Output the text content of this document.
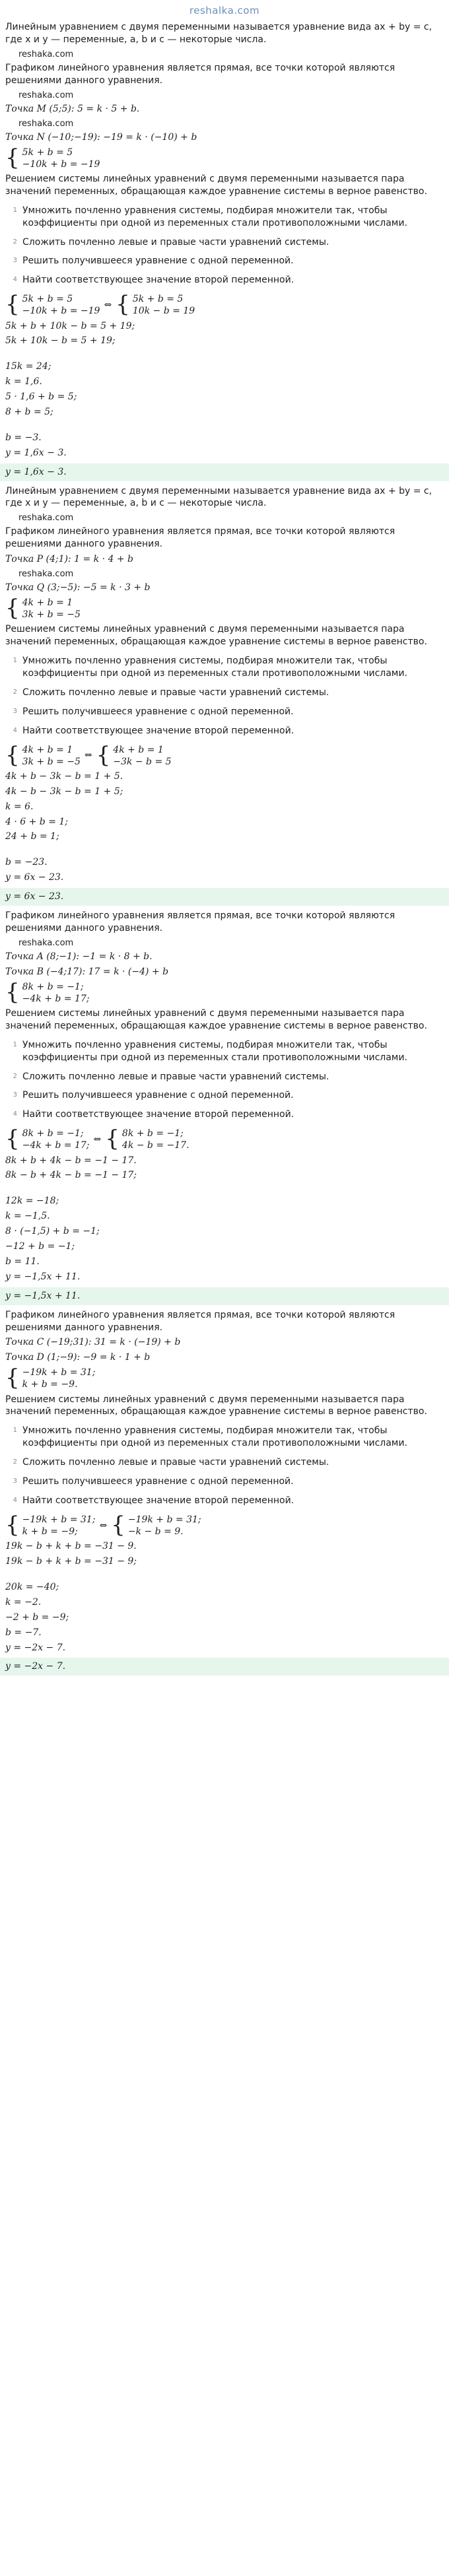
reshalka.com
Линейным уравнением с двумя переменными называется уравнение вида ax + by = c, где x и y — переменные, a, b и c — некоторые числа.
reshaka.com
Графиком линейного уравнения является прямая, все точки которой являются решениями данного уравнения.
reshaka.com
Точка M (5;5): 5 = k · 5 + b.
reshaka.com
Точка N (−10;−19): −19 = k · (−10) + b
{ 5k + b = 5
−10k + b = −19
Решением системы линейных уравнений с двумя переменными называется пара значений переменных, обращающая каждое уравнение системы в верное равенство.
1 Умножить почленно уравнения системы, подбирая множители так, чтобы коэффициенты при одной из переменных стали противоположными числами.
2 Сложить почленно левые и правые части уравнений системы.
3 Решить получившееся уравнение с одной переменной.
4 Найти соответствующее значение второй переменной.
{ 5k + b = 5
−10k + b = −19
⇔ { 5k + b = 5
10k − b = 19
5k + b + 10k − b = 5 + 19;
5k + 10k − b = 5 + 19;
15k = 24;
k = 1,6.
5 · 1,6 + b = 5;
8 + b = 5;
b = −3.
y = 1,6x − 3.
y = 1,6x − 3.
Линейным уравнением с двумя переменными называется уравнение вида ax + by = c, где x и y — переменные, a, b и c — некоторые числа.
reshaka.com
Графиком линейного уравнения является прямая, все точки которой являются решениями данного уравнения.
Точка P (4;1): 1 = k · 4 + b
reshaka.com
Точка Q (3;−5): −5 = k · 3 + b
{ 4k + b = 1
3k + b = −5
Решением системы линейных уравнений с двумя переменными называется пара значений переменных, обращающая каждое уравнение системы в верное равенство.
1 Умножить почленно уравнения системы, подбирая множители так, чтобы коэффициенты при одной из переменных стали противоположными числами.
2 Сложить почленно левые и правые части уравнений системы.
3 Решить получившееся уравнение с одной переменной.
4 Найти соответствующее значение второй переменной.
{ 4k + b = 1
3k + b = −5
⇔ { 4k + b = 1
−3k − b = 5
4k + b − 3k − b = 1 + 5.
4k − b − 3k − b = 1 + 5;
k = 6.
4 · 6 + b = 1;
24 + b = 1;
b = −23.
y = 6x − 23.
y = 6x − 23.
Графиком линейного уравнения является прямая, все точки которой являются решениями данного уравнения.
reshaka.com
Точка A (8;−1): −1 = k · 8 + b.
Точка B (−4;17): 17 = k · (−4) + b
{ 8k + b = −1;
−4k + b = 17;
Решением системы линейных уравнений с двумя переменными называется пара значений переменных, обращающая каждое уравнение системы в верное равенство.
1 Умножить почленно уравнения системы, подбирая множители так, чтобы коэффициенты при одной из переменных стали противоположными числами.
2 Сложить почленно левые и правые части уравнений системы.
3 Решить получившееся уравнение с одной переменной.
4 Найти соответствующее значение второй переменной.
{ 8k + b = −1;
−4k + b = 17;
⇔ { 8k + b = −1;
4k − b = −17.
8k + b + 4k − b = −1 − 17.
8k − b + 4k − b = −1 − 17;
12k = −18;
k = −1,5.
8 · (−1,5) + b = −1;
−12 + b = −1;
b = 11.
y = −1,5x + 11.
y = −1,5x + 11.
Графиком линейного уравнения является прямая, все точки которой являются решениями данного уравнения.
Точка C (−19;31): 31 = k · (−19) + b
Точка D (1;−9): −9 = k · 1 + b
{ −19k + b = 31;
k + b = −9.
Решением системы линейных уравнений с двумя переменными называется пара значений переменных, обращающая каждое уравнение системы в верное равенство.
1 Умножить почленно уравнения системы, подбирая множители так, чтобы коэффициенты при одной из переменных стали противоположными числами.
2 Сложить почленно левые и правые части уравнений системы.
3 Решить получившееся уравнение с одной переменной.
4 Найти соответствующее значение второй переменной.
{ −19k + b = 31;
k + b = −9;
⇔ { −19k + b = 31;
−k − b = 9.
19k − b + k + b = −31 − 9.
19k − b + k + b = −31 − 9;
20k = −40;
k = −2.
−2 + b = −9;
b = −7.
y = −2x − 7.
y = −2x − 7.
